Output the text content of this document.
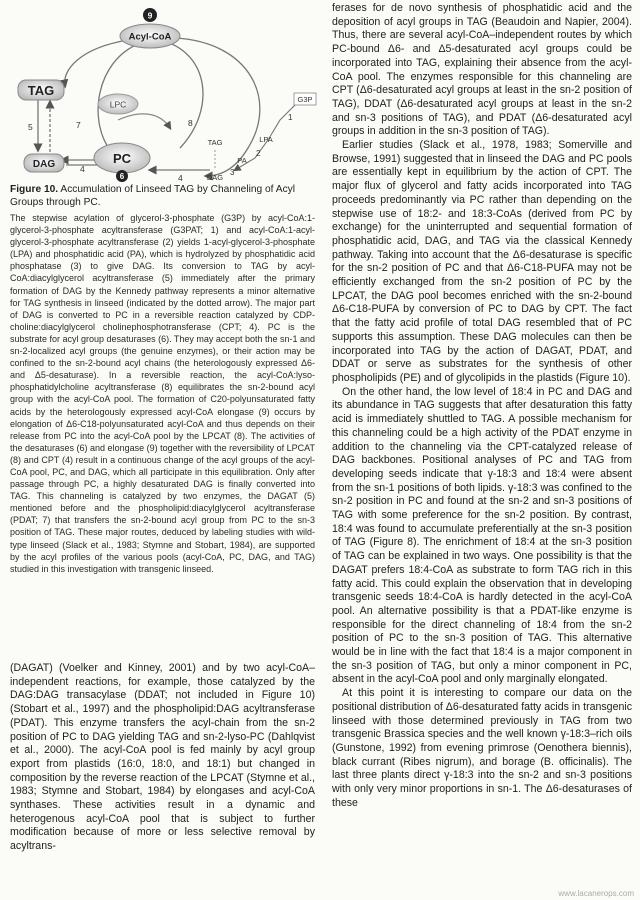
Acyl-CoA
TAG
LPC
PC
DAG
G3P
LPA
PA
TAG
DAG
9
6
5	7	8
4
4
3
2
1
Figure 10. Accumulation of Linseed TAG by Channeling of Acyl Groups through PC.

The stepwise acylation of glycerol-3-phosphate (G3P) by acyl-CoA:1-glycerol-3-phosphate acyltransferase (G3PAT; 1) and acyl-CoA:1-acyl-glycerol-3-phosphate acyltransferase (2) yields 1-acyl-glycerol-3-phosphate (LPA) and phosphatidic acid (PA), which is hydrolyzed by phosphatidic acid phosphatase (3) to give DAG. Its conversion to TAG by acyl-CoA:diacylglycerol acyltransferase (5) immediately after the primary formation of DAG by the Kennedy pathway represents a minor alternative for TAG synthesis in linseed (indicated by the dotted arrow). The major part of DAG is converted to PC in a reversible reaction catalyzed by CDP-choline:diacylglycerol cholinephosphotransferase (CPT; 4). PC is the substrate for acyl group desaturases (6). They may accept both the sn-1 and sn-2-localized acyl groups (the genuine enzymes), or their action may be confined to the sn-2-bound acyl chains (the heterologously expressed Δ6- and Δ5-desaturase). In a reversible reaction, the acyl-CoA:lyso-phosphatidylcholine acyltransferase (8) equilibrates the sn-2-bound acyl group with the acyl-CoA pool. The formation of C20-polyunsaturated fatty acids by the heterologously expressed acyl-CoA elongase (9) occurs by elongation of Δ6-C18-polyunsaturated acyl-CoA and thus depends on their release from PC into the acyl-CoA pool by the LPCAT (8). The activities of the desaturases (6) and elongase (9) together with the reversibility of LPCAT (8) and CPT (4) result in a continuous change of the acyl groups of the acyl-CoA pool, PC, and DAG, which all participate in this equilibration. Only after passage through PC, a highly desaturated DAG is finally converted into TAG. This channeling is catalyzed by two enzymes, the DAGAT (5) mentioned before and the phospholipid:diacylglycerol acyltransferase (PDAT; 7) that transfers the sn-2-bound acyl group from PC to the sn-3 position of TAG. These major routes, deduced by labeling studies with wild-type linseed (Slack et al., 1983; Stymne and Stobart, 1984), are supported by the acyl profiles of the various pools (acyl-CoA, PC, DAG, and TAG) studied in this investigation with transgenic linseed.

(DAGAT) (Voelker and Kinney, 2001) and by two acyl-CoA–independent reactions, for example, those catalyzed by the DAG:DAG transacylase (DDAT; not included in Figure 10) (Stobart et al., 1997) and the phospholipid:DAG acyltransferase (PDAT). This enzyme transfers the acyl-chain from the sn-2 position of PC to DAG yielding TAG and sn-2-lyso-PC (Dahlqvist et al., 2000). The acyl-CoA pool is fed mainly by acyl group export from plastids (16:0, 18:0, and 18:1) but changed in composition by the reverse reaction of the LPCAT (Stymne et al., 1983; Stymne and Stobart, 1984) by elongases and acyl-CoA synthases. These activities result in a dynamic and heterogenous acyl-CoA pool that is subject to further modification because of more or less selective removal by acyltrans-

ferases for de novo synthesis of phosphatidic acid and the deposition of acyl groups in TAG (Beaudoin and Napier, 2004). Thus, there are several acyl-CoA–independent routes by which PC-bound Δ6- and Δ5-desaturated acyl groups could be incorporated into TAG, explaining their absence from the acyl-CoA pool. The enzymes responsible for this channeling are CPT (Δ6-desaturated acyl groups at least in the sn-2 position of TAG), DDAT (Δ6-desaturated acyl groups at least in the sn-2 and sn-3 positions of TAG), and PDAT (Δ6-desaturated acyl groups in addition in the sn-3 position of TAG).

Earlier studies (Slack et al., 1978, 1983; Somerville and Browse, 1991) suggested that in linseed the DAG and PC pools are essentially kept in equilibrium by the action of CPT. The major flux of glycerol and fatty acids incorporated into TAG proceeds predominantly via PC rather than depending on the stepwise use of 18:2- and 18:3-CoAs (derived from PC by exchange) for the uninterrupted and sequential formation of phosphatidic acid, DAG, and TAG via the classical Kennedy pathway. Taking into account that the Δ6-desaturase is specific for the sn-2 position of PC and that Δ6-C18-PUFA may not be efficiently exchanged from the sn-2 position of PC by the LPCAT, the DAG pool becomes enriched with the sn-2-bound Δ6-C18-PUFA by conversion of PC to DAG by CPT. The fact that the fatty acid profile of total DAG resembled that of PC supports this assumption. These DAG molecules can then be incorporated into TAG by the action of DAGAT, PDAT, and DDAT or serve as substrates for the synthesis of other phospholipids (PE) and of glycolipids in the plastids (Figure 10).

On the other hand, the low level of 18:4 in PC and DAG and its abundance in TAG suggests that after desaturation this fatty acid is immediately shuttled to TAG. A possible mechanism for this channeling could be a high activity of the PDAT enzyme in addition to the channeling via the CPT-catalyzed release of DAG backbones. Positional analyses of PC and TAG from developing seeds indicate that γ-18:3 and 18:4 were absent from the sn-1 positions of both lipids. γ-18:3 was confined to the sn-2 position in PC and found at the sn-2 and sn-3 positions of TAG with some preference for the sn-2 position. By contrast, 18:4 was found to accumulate preferentially at the sn-3 position of TAG (Figure 8). The enrichment of 18:4 at the sn-3 position of TAG can be explained in two ways. One possibility is that the DAGAT prefers 18:4-CoA as substrate to form TAG rich in this fatty acid. This could explain the observation that in developing transgenic seeds 18:4-CoA is hardly detected in the acyl-CoA pool. An alternative possibility is that a PDAT-like enzyme is responsible for the direct channeling of 18:4 from the sn-2 position of PC to the sn-3 position of TAG. This alternative would be in line with the fact that 18:4 is a major component in the sn-3 position of TAG, but only a minor component in PC, absent in the acyl-CoA pool and only marginally elongated.

At this point it is interesting to compare our data on the positional distribution of Δ6-desaturated fatty acids in transgenic linseed with those determined previously in TAG from two transgenic Brassica species and the well known γ-18:3–rich oils (Gunstone, 1992) from evening primrose (Oenothera biennis), black currant (Ribes nigrum), and borage (B. officinalis). The last three plants direct γ-18:3 into the sn-2 and sn-3 positions with only very minor proportions in sn-1. The Δ6-desaturases of these

www.lacanerops.com
